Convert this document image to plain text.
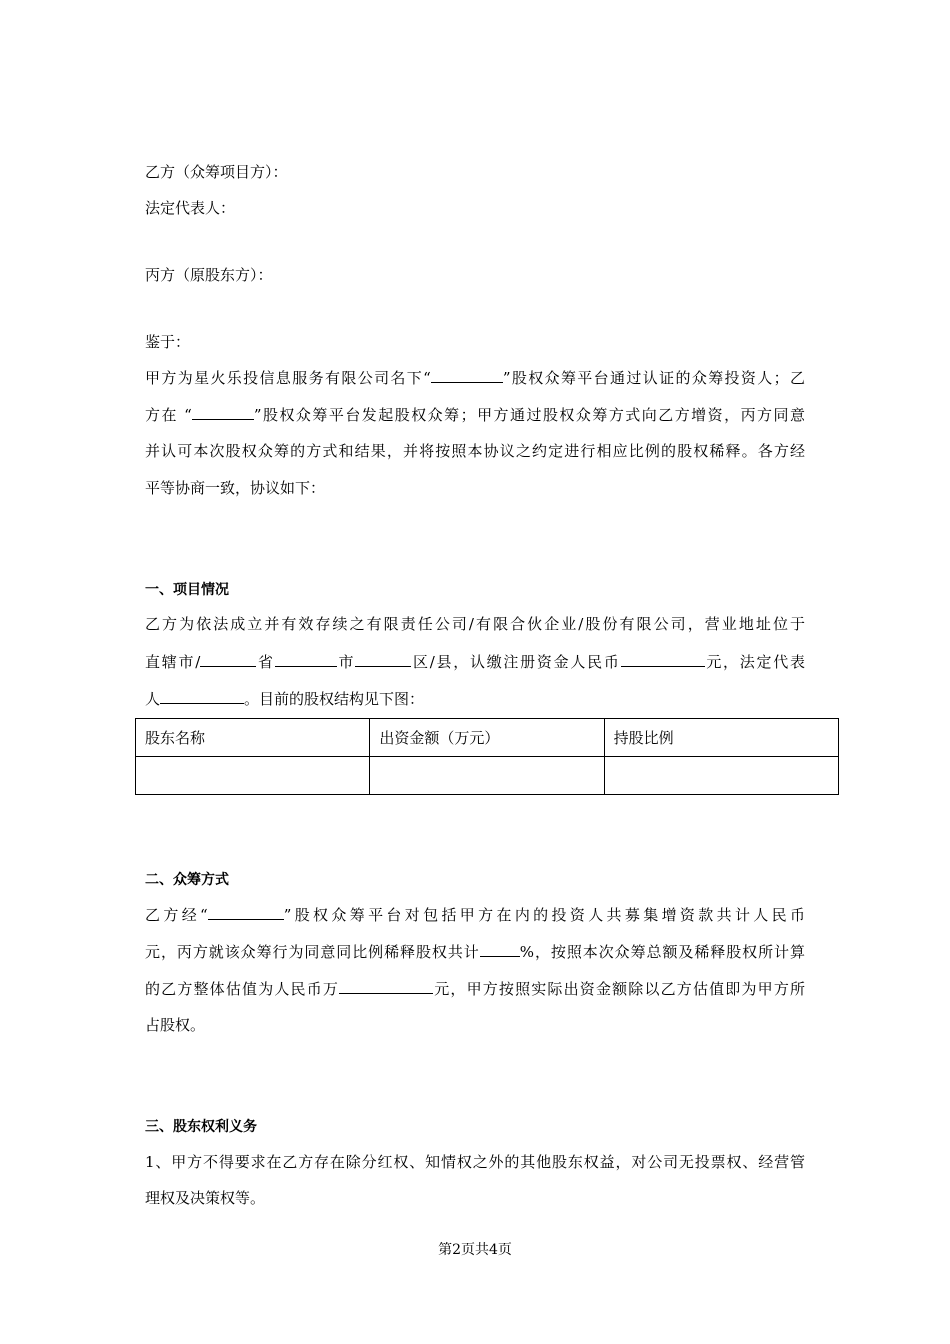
乙方（众筹项目方）：
法定代表人：
丙方（原股东方）：
鉴于：
甲方为星火乐投信息服务有限公司名下“	”股权众筹平台通过认证的众筹投资人；乙
方在 “	”股权众筹平台发起股权众筹；甲方通过股权众筹方式向乙方增资，丙方同意
并认可本次股权众筹的方式和结果，并将按照本协议之约定进行相应比例的股权稀释。各方经
平等协商一致，协议如下：
一、项目情况
乙方为依法成立并有效存续之有限责任公司/有限合伙企业/股份有限公司，营业地址位于
直辖市/	省	市	区/县，认缴注册资金人民币	元，法定代表
人	。目前的股权结构见下图：
股东名称	出资金额（万元）	持股比例

二、众筹方式
乙方经“	”股权众筹平台对包括甲方在内的投资人共募集增资款共计人民币
元，丙方就该众筹行为同意同比例稀释股权共计	%，按照本次众筹总额及稀释股权所计算
的乙方整体估值为人民币万	元，甲方按照实际出资金额除以乙方估值即为甲方所
占股权。
三、股东权利义务
1、甲方不得要求在乙方存在除分红权、知情权之外的其他股东权益，对公司无投票权、经营管
理权及决策权等。
第2页共4页
